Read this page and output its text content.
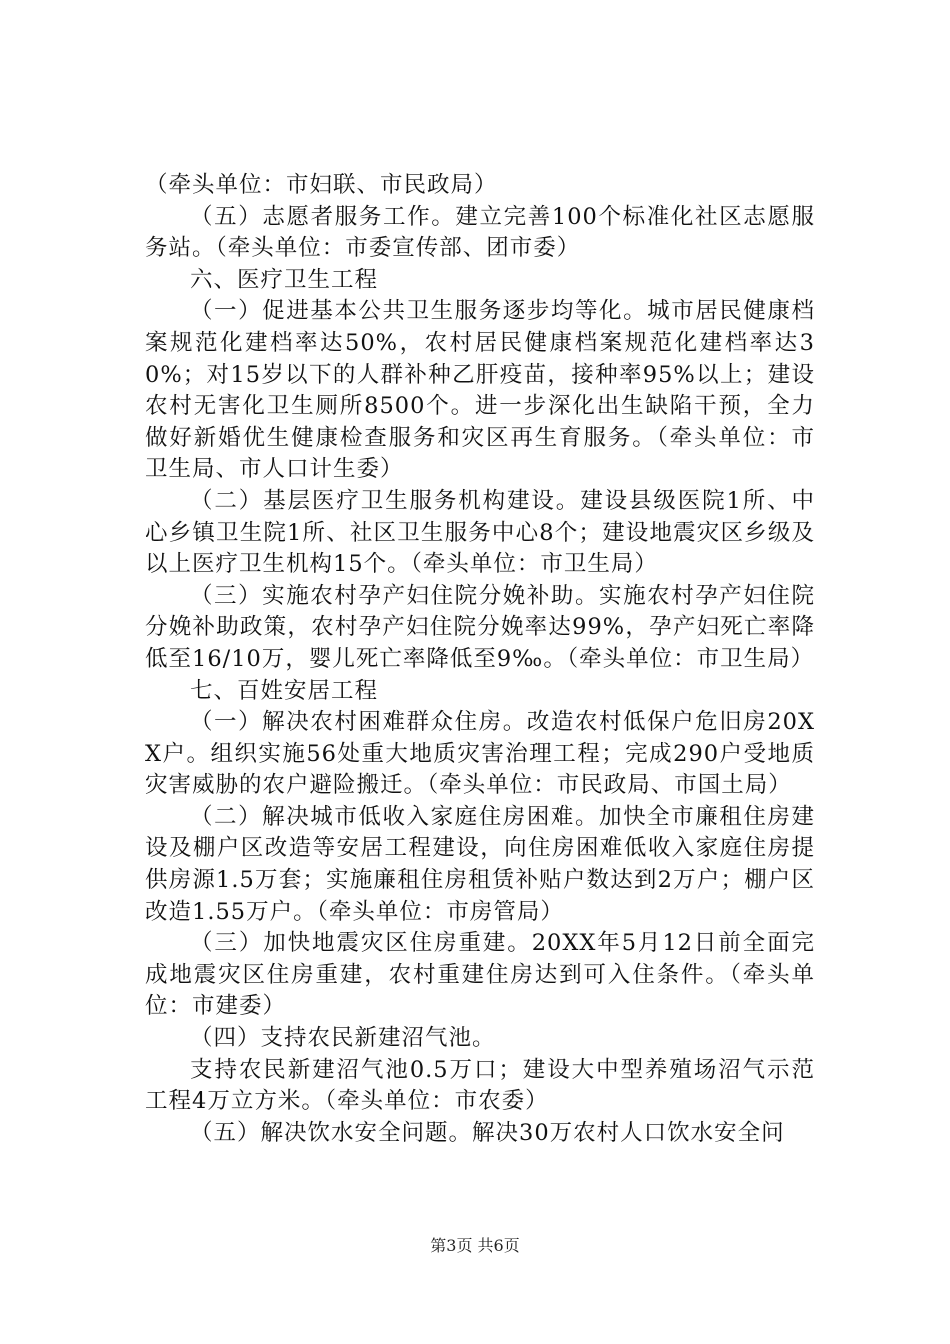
（牵头单位：市妇联、市民政局）

（五）志愿者服务工作。建立完善100个标准化社区志愿服务站。（牵头单位：市委宣传部、团市委）

六、医疗卫生工程

（一）促进基本公共卫生服务逐步均等化。城市居民健康档案规范化建档率达50%，农村居民健康档案规范化建档率达30%；对15岁以下的人群补种乙肝疫苗，接种率95%以上；建设农村无害化卫生厕所8500个。进一步深化出生缺陷干预，全力做好新婚优生健康检查服务和灾区再生育服务。（牵头单位：市卫生局、市人口计生委）

（二）基层医疗卫生服务机构建设。建设县级医院1所、中心乡镇卫生院1所、社区卫生服务中心8个；建设地震灾区乡级及以上医疗卫生机构15个。（牵头单位：市卫生局）

（三）实施农村孕产妇住院分娩补助。实施农村孕产妇住院分娩补助政策，农村孕产妇住院分娩率达99%，孕产妇死亡率降低至16/10万，婴儿死亡率降低至9‰。（牵头单位：市卫生局）

七、百姓安居工程

（一）解决农村困难群众住房。改造农村低保户危旧房20XX户。组织实施56处重大地质灾害治理工程；完成290户受地质灾害威胁的农户避险搬迁。（牵头单位：市民政局、市国土局）

（二）解决城市低收入家庭住房困难。加快全市廉租住房建设及棚户区改造等安居工程建设，向住房困难低收入家庭住房提供房源1.5万套；实施廉租住房租赁补贴户数达到2万户；棚户区改造1.55万户。（牵头单位：市房管局）

（三）加快地震灾区住房重建。20XX年5月12日前全面完成地震灾区住房重建，农村重建住房达到可入住条件。（牵头单位：市建委）

（四）支持农民新建沼气池。

支持农民新建沼气池0.5万口；建设大中型养殖场沼气示范工程4万立方米。（牵头单位：市农委）

（五）解决饮水安全问题。解决30万农村人口饮水安全问

第3页 共6页
